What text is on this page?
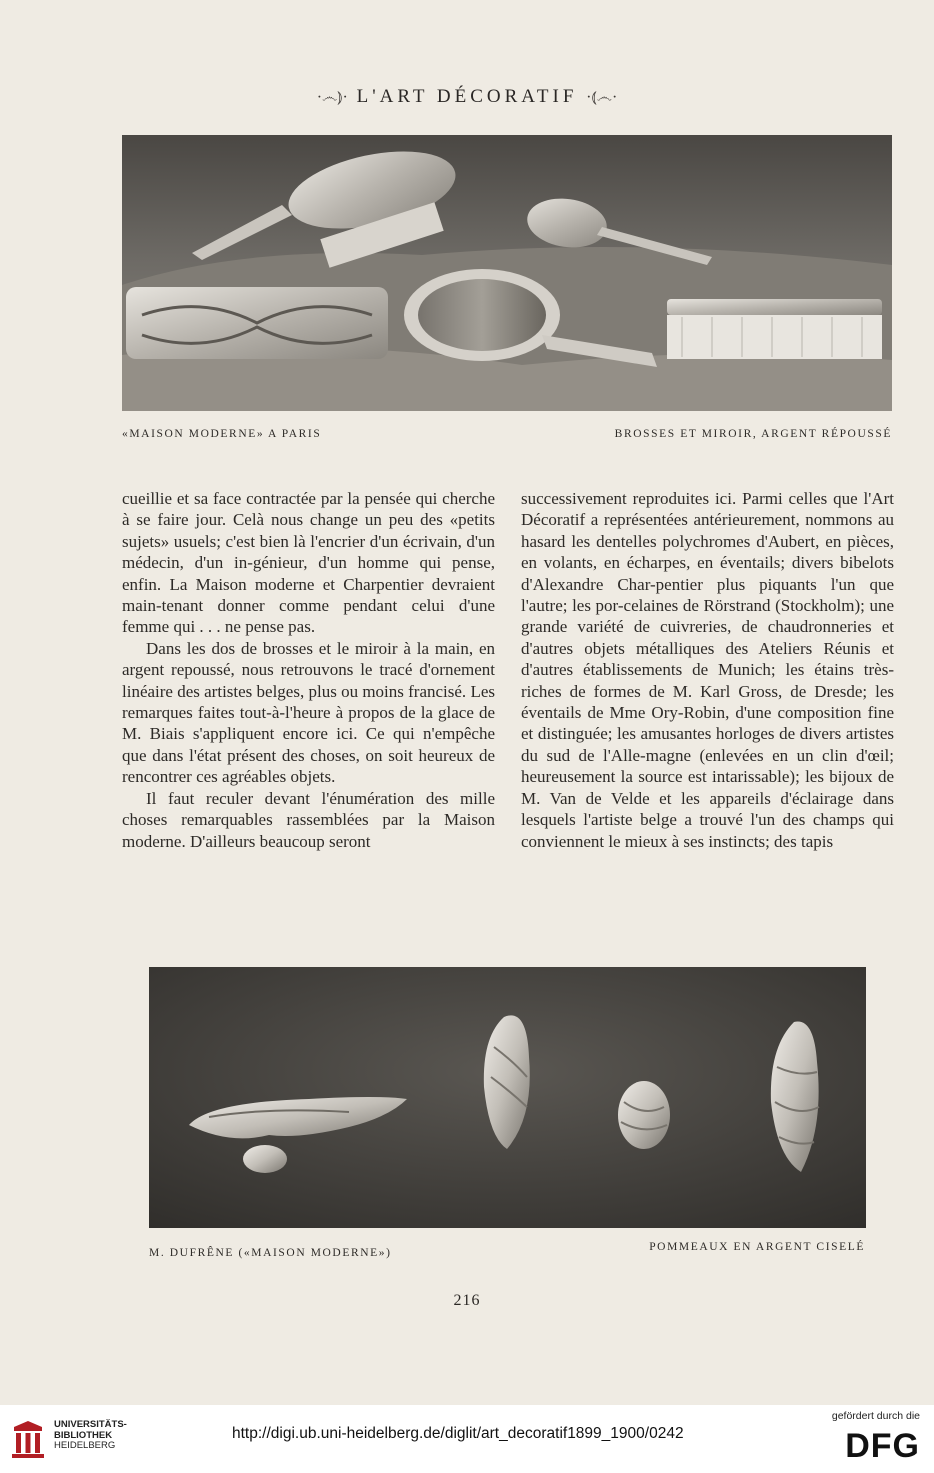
·෴⦆· L'ART DÉCORATIF ·⦅෴·
«MAISON MODERNE» A PARIS	BROSSES ET MIROIR, ARGENT RÉPOUSSÉ

cueillie et sa face contractée par la pensée qui cherche à se faire jour. Celà nous change un peu des «petits sujets» usuels; c'est bien là l'encrier d'un écrivain, d'un médecin, d'un in-génieur, d'un homme qui pense, enfin. La Maison moderne et Charpentier devraient main-tenant donner comme pendant celui d'une femme qui . . . ne pense pas.

Dans les dos de brosses et le miroir à la main, en argent repoussé, nous retrouvons le tracé d'ornement linéaire des artistes belges, plus ou moins francisé. Les remarques faites tout-à-l'heure à propos de la glace de M. Biais s'appliquent encore ici. Ce qui n'empêche que dans l'état présent des choses, on soit heureux de rencontrer ces agréables objets.

Il faut reculer devant l'énumération des mille choses remarquables rassemblées par la Maison moderne. D'ailleurs beaucoup seront

successivement reproduites ici. Parmi celles que l'Art Décoratif a représentées antérieurement, nommons au hasard les dentelles polychromes d'Aubert, en pièces, en volants, en écharpes, en éventails; divers bibelots d'Alexandre Char-pentier plus piquants l'un que l'autre; les por-celaines de Rörstrand (Stockholm); une grande variété de cuivreries, de chaudronneries et d'autres objets métalliques des Ateliers Réunis et d'autres établissements de Munich; les étains très-riches de formes de M. Karl Gross, de Dresde; les éventails de Mme Ory-Robin, d'une composition fine et distinguée; les amusantes horloges de divers artistes du sud de l'Alle-magne (enlevées en un clin d'œil; heureusement la source est intarissable); les bijoux de M. Van de Velde et les appareils d'éclairage dans lesquels l'artiste belge a trouvé l'un des champs qui conviennent le mieux à ses instincts; des tapis

M. DUFRÊNE («MAISON MODERNE»)	POMMEAUX EN ARGENT CISELÉ
216
UNIVERSITÄTS-
BIBLIOTHEK
HEIDELBERG
http://digi.ub.uni-heidelberg.de/diglit/art_decoratif1899_1900/0242
gefördert durch die
DFG
